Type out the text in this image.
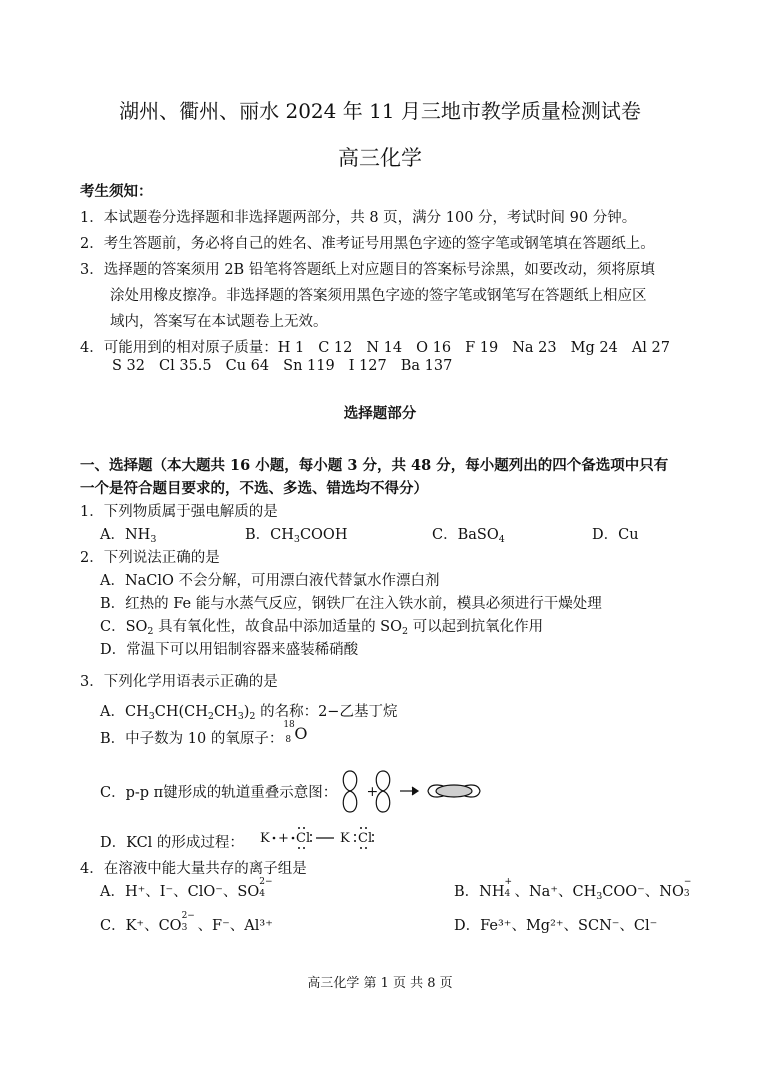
湖州、衢州、丽水 2024 年 11 月三地市教学质量检测试卷
高三化学
考生须知：
1．本试题卷分选择题和非选择题两部分，共 8 页，满分 100 分，考试时间 90 分钟。
2．考生答题前，务必将自己的姓名、准考证号用黑色字迹的签字笔或钢笔填在答题纸上。
3．选择题的答案须用 2B 铅笔将答题纸上对应题目的答案标号涂黑，如要改动，须将原填
涂处用橡皮擦净。非选择题的答案须用黑色字迹的签字笔或钢笔写在答题纸上相应区
域内，答案写在本试题卷上无效。
4．可能用到的相对原子质量：H 1 C 12 N 14 O 16 F 19 Na 23 Mg 24 Al 27
S 32 Cl 35.5 Cu 64 Sn 119 I 127 Ba 137
选择题部分
一、选择题（本大题共 16 小题，每小题 3 分，共 48 分，每小题列出的四个备选项中只有
一个是符合题目要求的，不选、多选、错选均不得分）
1．下列物质属于强电解质的是
A．$NH_3$	B．$CH_3COOH$	C．BaSO$_4$	D．Cu
2．下列说法正确的是
A．NaClO 不会分解，可用漂白液代替氯水作漂白剂
B．红热的 Fe 能与水蒸气反应，钢铁厂在注入铁水前，模具必须进行干燥处理
C．$SO_2$ 具有氧化性，故食品中添加适量的 $SO_2$ 可以起到抗氧化作用
D．常温下可以用铝制容器来盛装稀硝酸
3．下列化学用语表示正确的是
A．$CH_3CH(CH_2CH_3)_2$ 的名称：2−乙基丁烷
B．中子数为 10 的氧原子：
18
8 O
C．p-p π键形成的轨道重叠示意图： +
D．KCl 的形成过程： K + Cl K Cl
4．在溶液中能大量共存的离子组是
A．H⁺、I⁻、ClO⁻、SO
2−
4	B．NH
+
4 、Na⁺、$CH_3COO^-$、NO
−
3
C．K⁺、CO
2−
3 、F⁻、Al³⁺	D．Fe³⁺、Mg²⁺、SCN⁻、Cl⁻
高三化学 第 1 页 共 8 页
